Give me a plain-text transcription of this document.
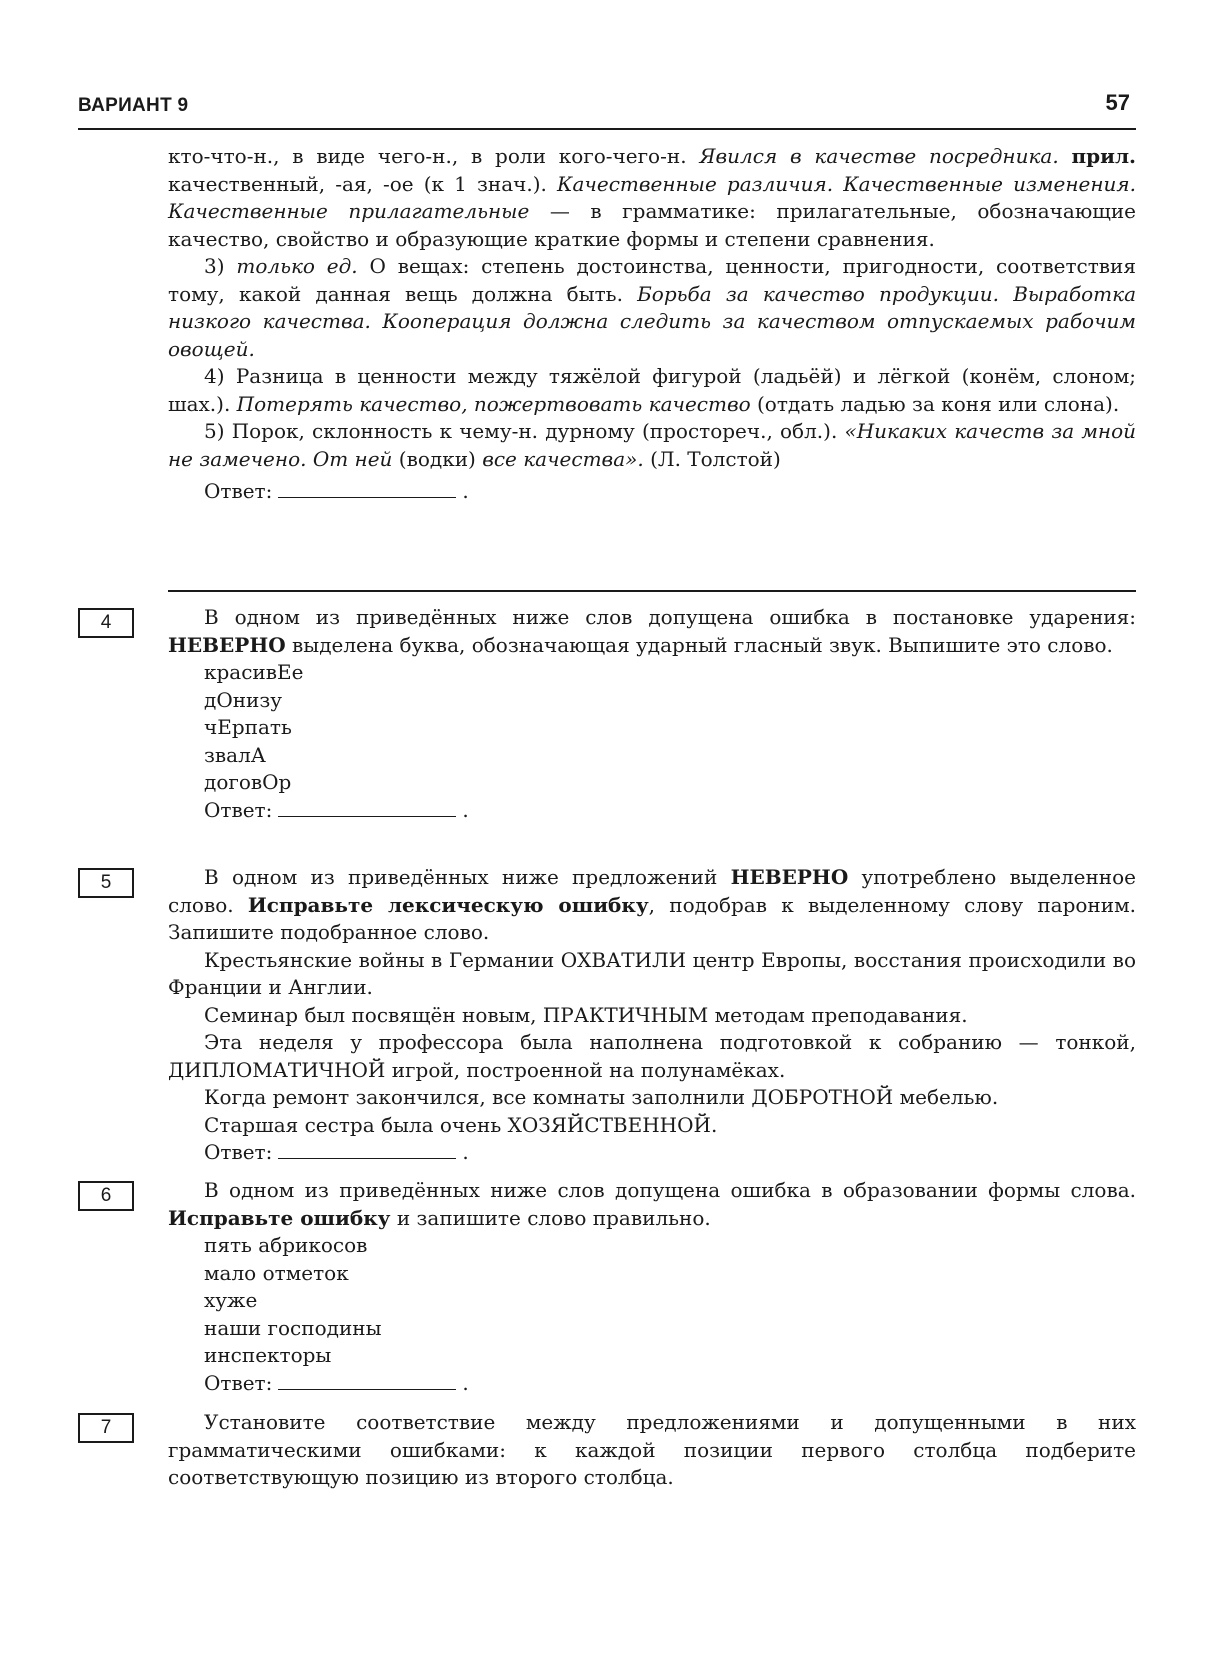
ВАРИАНТ 9	57

кто-что-н., в виде чего-н., в роли кого-чего-н. Явился в качестве посредника. прил. качественный, -ая, -ое (к 1 знач.). Качественные различия. Качественные изменения. Качественные прилагательные — в грамматике: прилагательные, обозначающие качество, свойство и образующие краткие формы и степени сравнения.

3) только ед. О вещах: степень достоинства, ценности, пригодности, соответствия тому, какой данная вещь должна быть. Борьба за качество продукции. Выработка низкого качества. Кооперация должна следить за качеством отпускаемых рабочим овощей.

4) Разница в ценности между тяжёлой фигурой (ладьёй) и лёгкой (конём, слоном; шах.). Потерять качество, пожертвовать качество (отдать ладью за коня или слона).

5) Порок, склонность к чему-н. дурному (простореч., обл.). «Никаких качеств за мной не замечено. От ней (водки) все качества». (Л. Толстой)

Ответ:	.

4	В одном из приведённых ниже слов допущена ошибка в постановке ударения: НЕВЕРНО выделена буква, обозначающая ударный гласный звук. Выпишите это слово.

красивЕе

дОнизу

чЕрпать

звалА

договОр

Ответ:	.

5	В одном из приведённых ниже предложений НЕВЕРНО употреблено выделенное слово. Исправьте лексическую ошибку, подобрав к выделенному слову пароним. Запишите подобранное слово.

Крестьянские войны в Германии ОХВАТИЛИ центр Европы, восстания происходили во Франции и Англии.

Семинар был посвящён новым, ПРАКТИЧНЫМ методам преподавания.

Эта неделя у профессора была наполнена подготовкой к собранию — тонкой, ДИПЛОМАТИЧНОЙ игрой, построенной на полунамёках.

Когда ремонт закончился, все комнаты заполнили ДОБРОТНОЙ мебелью.

Старшая сестра была очень ХОЗЯЙСТВЕННОЙ.

Ответ:	.

6	В одном из приведённых ниже слов допущена ошибка в образовании формы слова. Исправьте ошибку и запишите слово правильно.

пять абрикосов

мало отметок

хуже

наши господины

инспекторы

Ответ:	.

7	Установите соответствие между предложениями и допущенными в них грамматическими ошибками: к каждой позиции первого столбца подберите соответствующую позицию из второго столбца.
